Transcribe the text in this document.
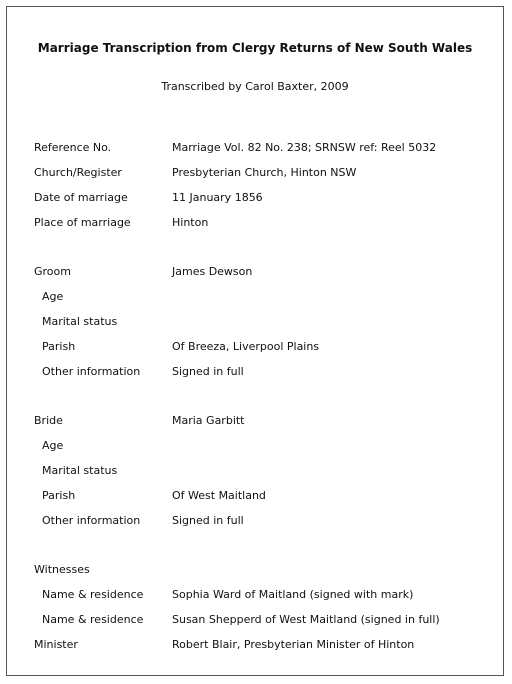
Marriage Transcription from Clergy Returns of New South Wales
Transcribed by Carol Baxter, 2009
Reference No.	Marriage Vol. 82 No. 238; SRNSW ref: Reel 5032
Church/Register	Presbyterian Church, Hinton NSW
Date of marriage	11 January 1856
Place of marriage	Hinton
Groom	James Dewson
Age
Marital status
Parish	Of Breeza, Liverpool Plains
Other information	Signed in full
Bride	Maria Garbitt
Age
Marital status
Parish	Of West Maitland
Other information	Signed in full
Witnesses
Name & residence	Sophia Ward of Maitland (signed with mark)
Name & residence	Susan Shepperd of West Maitland (signed in full)
Minister	Robert Blair, Presbyterian Minister of Hinton
